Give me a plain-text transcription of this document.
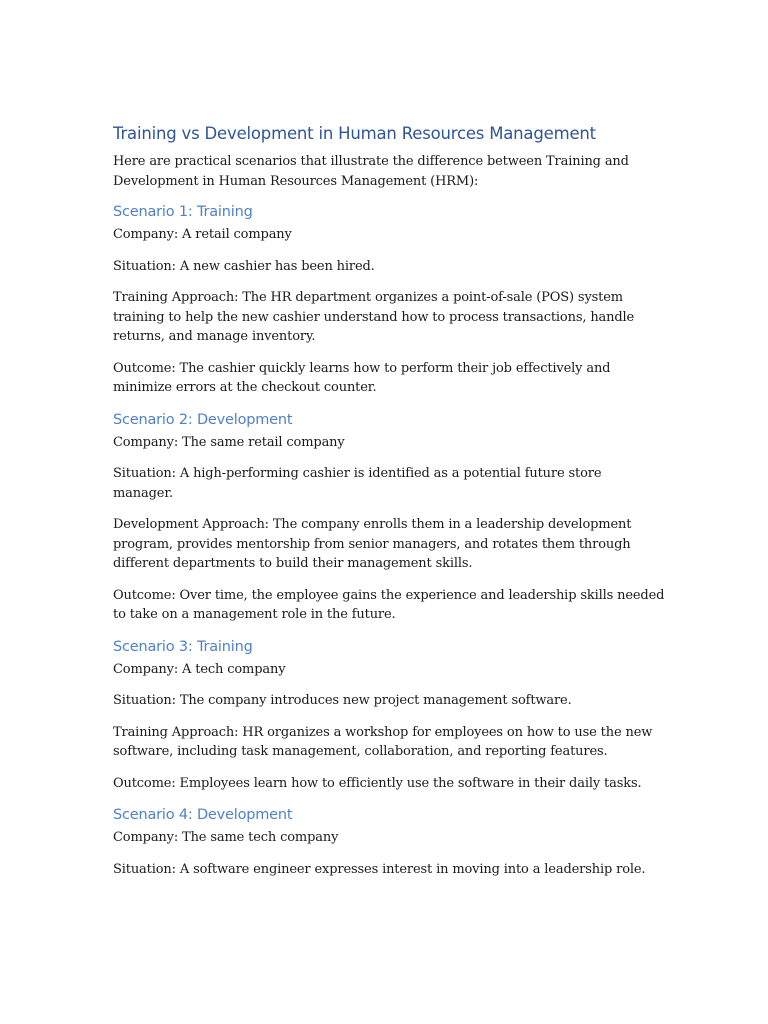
Training vs Development in Human Resources Management

Here are practical scenarios that illustrate the difference between Training and Development in Human Resources Management (HRM):

Scenario 1: Training

Company: A retail company

Situation: A new cashier has been hired.

Training Approach: The HR department organizes a point-of-sale (POS) system training to help the new cashier understand how to process transactions, handle returns, and manage inventory.

Outcome: The cashier quickly learns how to perform their job effectively and minimize errors at the checkout counter.

Scenario 2: Development

Company: The same retail company

Situation: A high-performing cashier is identified as a potential future store manager.

Development Approach: The company enrolls them in a leadership development program, provides mentorship from senior managers, and rotates them through different departments to build their management skills.

Outcome: Over time, the employee gains the experience and leadership skills needed to take on a management role in the future.

Scenario 3: Training

Company: A tech company

Situation: The company introduces new project management software.

Training Approach: HR organizes a workshop for employees on how to use the new software, including task management, collaboration, and reporting features.

Outcome: Employees learn how to efficiently use the software in their daily tasks.

Scenario 4: Development

Company: The same tech company

Situation: A software engineer expresses interest in moving into a leadership role.
